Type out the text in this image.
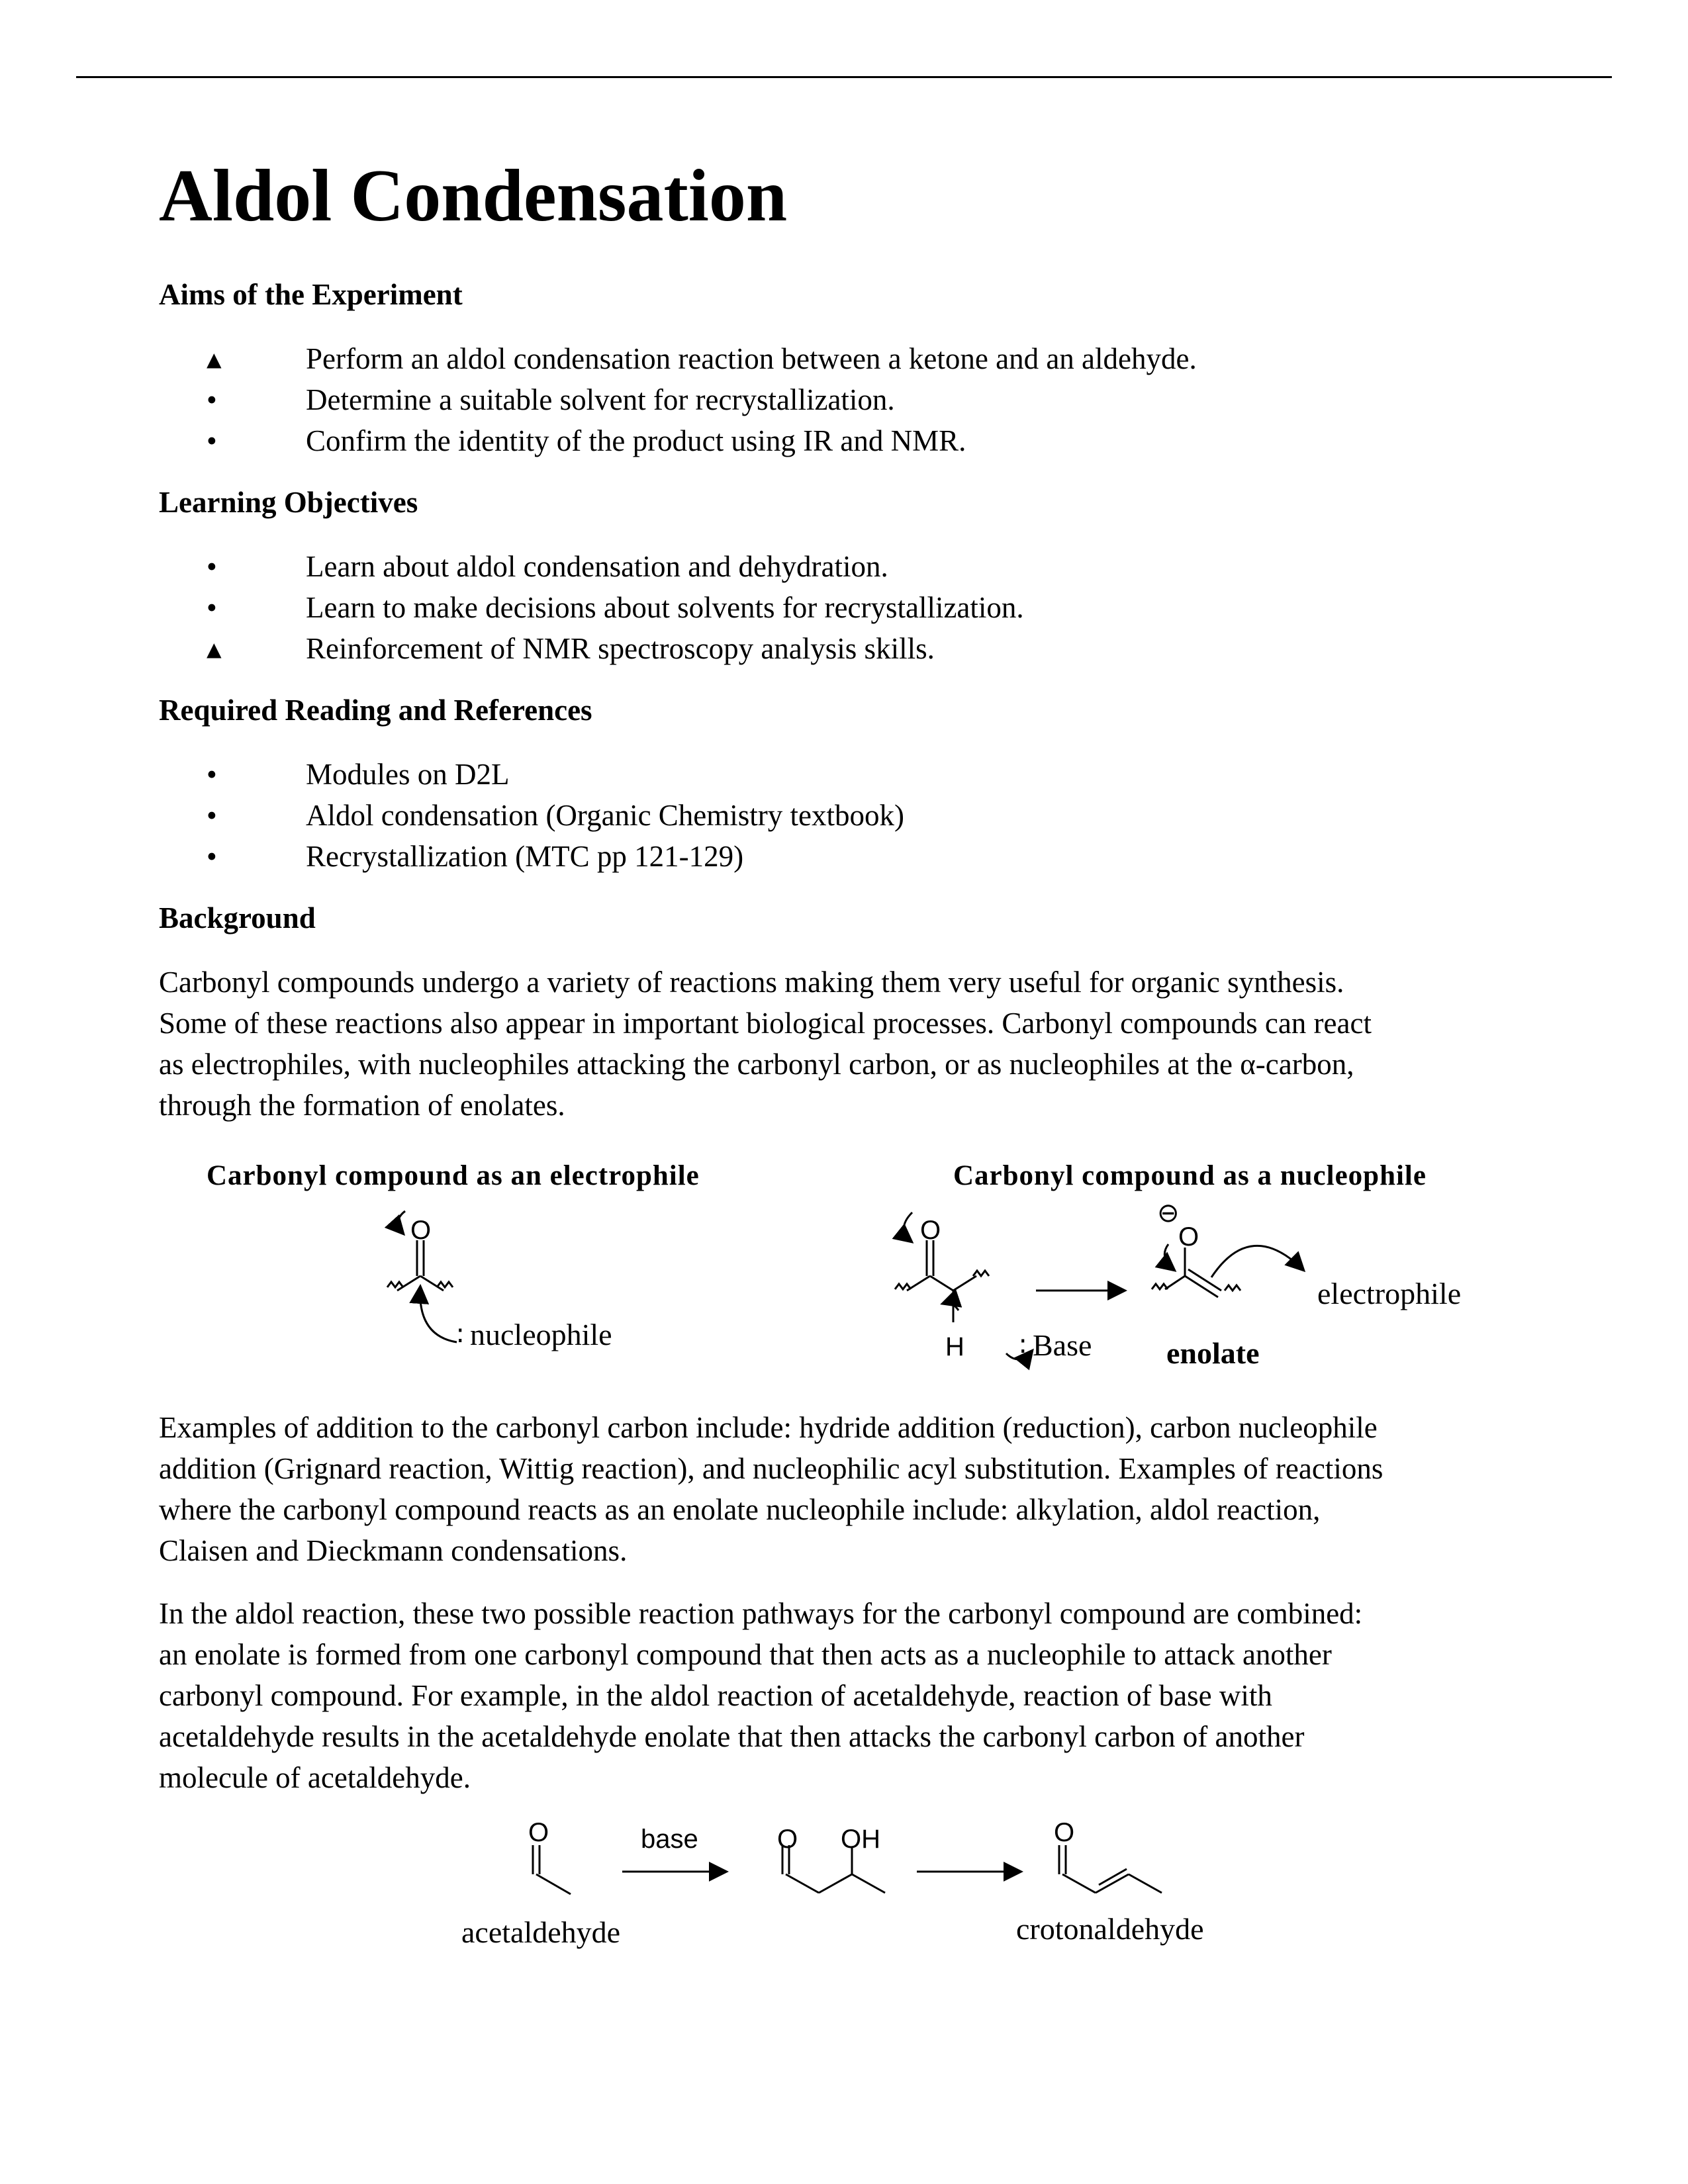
Aldol Condensation
Aims of the Experiment
▴	Perform an aldol condensation reaction between a ketone and an aldehyde.
•	Determine a suitable solvent for recrystallization.
•	Confirm the identity of the product using IR and NMR.
Learning Objectives
•	Learn about aldol condensation and dehydration.
•	Learn to make decisions about solvents for recrystallization.
▴	Reinforcement of NMR spectroscopy analysis skills.
Required Reading and References
•	Modules on D2L
•	Aldol condensation (Organic Chemistry textbook)
•	Recrystallization (MTC pp 121-129)
Background

Carbonyl compounds undergo a variety of reactions making them very useful for organic synthesis.
Some of these reactions also appear in important biological processes. Carbonyl compounds can react
as electrophiles, with nucleophiles attacking the carbonyl carbon, or as nucleophiles at the α-carbon,
through the formation of enolates.

Carbonyl compound as an electrophile	Carbonyl compound as a nucleophile
O
∶ nucleophile
O
H ∶ Base
⊖
O
electrophile
enolate

Examples of addition to the carbonyl carbon include: hydride addition (reduction), carbon nucleophile
addition (Grignard reaction, Wittig reaction), and nucleophilic acyl substitution. Examples of reactions
where the carbonyl compound reacts as an enolate nucleophile include: alkylation, aldol reaction,
Claisen and Dieckmann condensations.

In the aldol reaction, these two possible reaction pathways for the carbonyl compound are combined:
an enolate is formed from one carbonyl compound that then acts as a nucleophile to attack another
carbonyl compound. For example, in the aldol reaction of acetaldehyde, reaction of base with
acetaldehyde results in the acetaldehyde enolate that then attacks the carbonyl carbon of another
molecule of acetaldehyde.

O	base	O OH	O
acetaldehyde	crotonaldehyde
